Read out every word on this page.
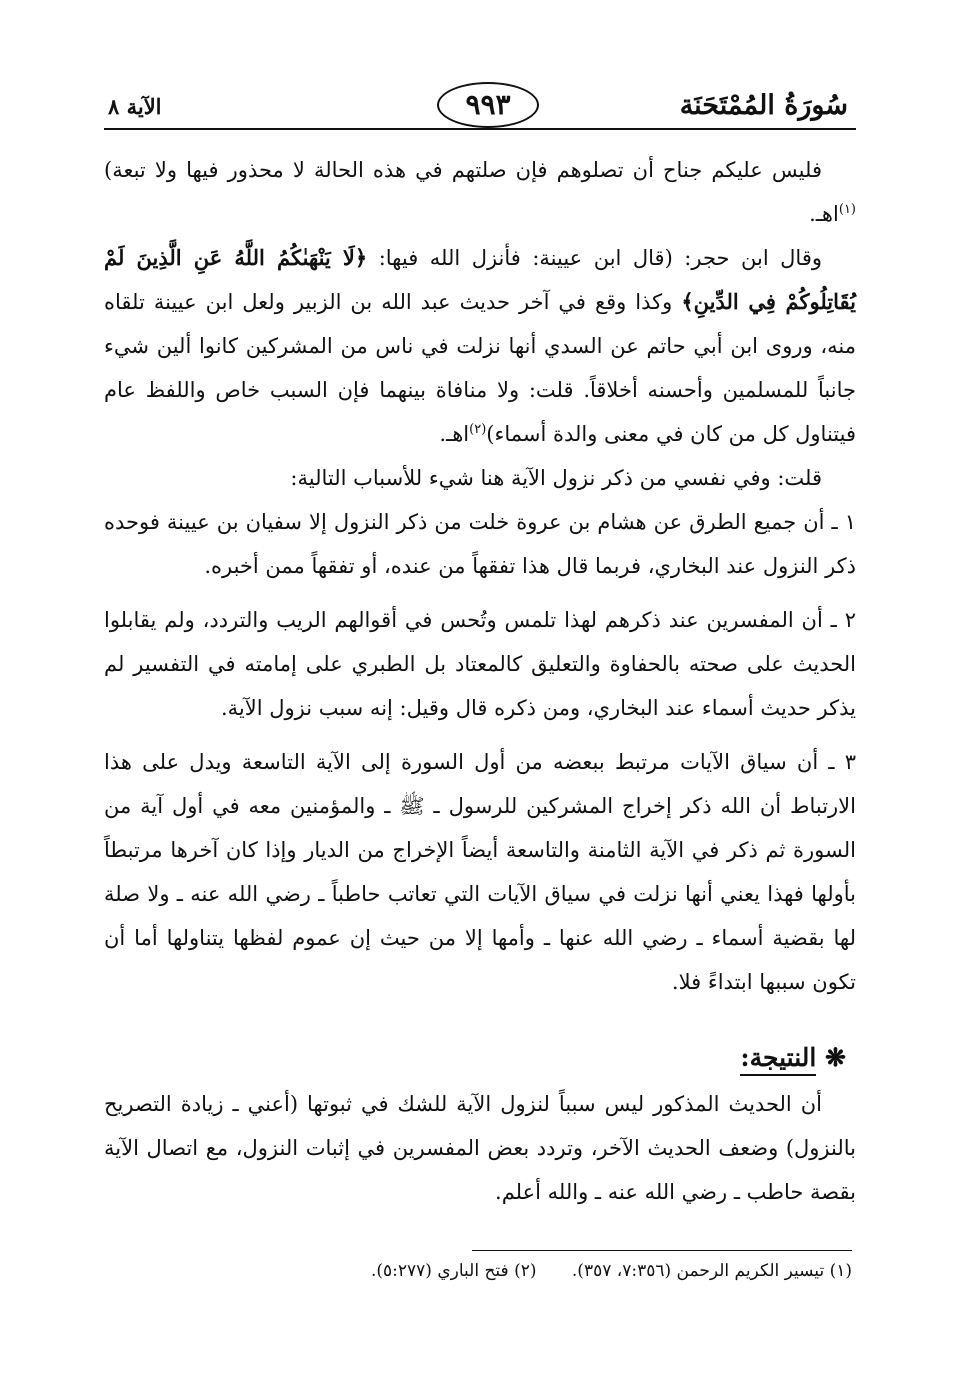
سُورَةُ المُمْتَحَنَة
٩٩٣
الآية ٨

فليس عليكم جناح أن تصلوهم فإن صلتهم في هذه الحالة لا محذور فيها ولا تبعة)$^{(١)}$اهـ.

وقال ابن حجر: (قال ابن عيينة: فأنزل الله فيها: ﴿لَا يَنْهَىٰكُمُ اللَّهُ عَنِ الَّذِينَ لَمْ يُقَاتِلُوكُمْ فِي الدِّينِ﴾ وكذا وقع في آخر حديث عبد الله بن الزبير ولعل ابن عيينة تلقاه منه، وروى ابن أبي حاتم عن السدي أنها نزلت في ناس من المشركين كانوا ألين شيء جانباً للمسلمين وأحسنه أخلاقاً. قلت: ولا منافاة بينهما فإن السبب خاص واللفظ عام فيتناول كل من كان في معنى والدة أسماء)$^{(٢)}$اهـ.

قلت: وفي نفسي من ذكر نزول الآية هنا شيء للأسباب التالية:

١ ـ أن جميع الطرق عن هشام بن عروة خلت من ذكر النزول إلا سفيان بن عيينة فوحده ذكر النزول عند البخاري، فربما قال هذا تفقهاً من عنده، أو تفقهاً ممن أخبره.

٢ ـ أن المفسرين عند ذكرهم لهذا تلمس وتُحس في أقوالهم الريب والتردد، ولم يقابلوا الحديث على صحته بالحفاوة والتعليق كالمعتاد بل الطبري على إمامته في التفسير لم يذكر حديث أسماء عند البخاري، ومن ذكره قال وقيل: إنه سبب نزول الآية.

٣ ـ أن سياق الآيات مرتبط ببعضه من أول السورة إلى الآية التاسعة ويدل على هذا الارتباط أن الله ذكر إخراج المشركين للرسول ـ ﷺ ـ والمؤمنين معه في أول آية من السورة ثم ذكر في الآية الثامنة والتاسعة أيضاً الإخراج من الديار وإذا كان آخرها مرتبطاً بأولها فهذا يعني أنها نزلت في سياق الآيات التي تعاتب حاطباً ـ رضي الله عنه ـ ولا صلة لها بقضية أسماء ـ رضي الله عنها ـ وأمها إلا من حيث إن عموم لفظها يتناولها أما أن تكون سببها ابتداءً فلا.

❋ النتيجة:

أن الحديث المذكور ليس سبباً لنزول الآية للشك في ثبوتها (أعني ـ زيادة التصريح بالنزول) وضعف الحديث الآخر، وتردد بعض المفسرين في إثبات النزول، مع اتصال الآية بقصة حاطب ـ رضي الله عنه ـ والله أعلم.

(١) تيسير الكريم الرحمن (٧:٣٥٦، ٣٥٧). (٢) فتح الباري (٥:٢٧٧).
